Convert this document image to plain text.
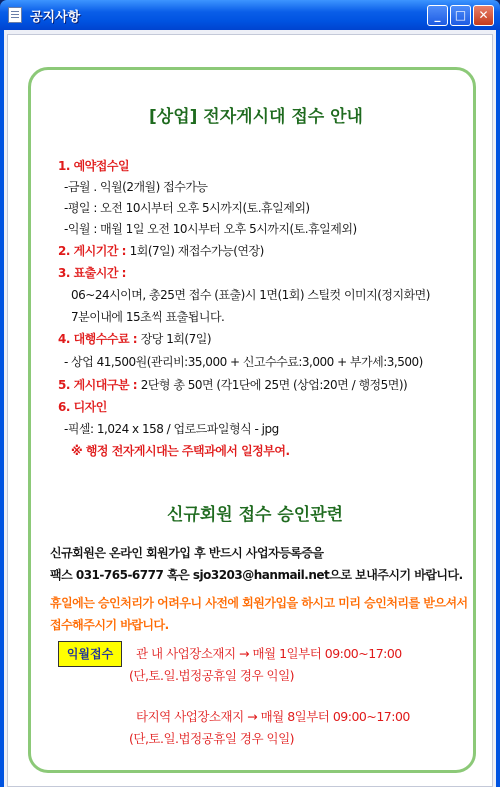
공지사항	_	□	✕
[상업] 전자게시대 접수 안내
1. 예약접수일
-금월 . 익월(2개월) 접수가능
-평일 : 오전 10시부터 오후 5시까지(토.휴일제외)
-익월 : 매월 1일 오전 10시부터 오후 5시까지(토.휴일제외)
2. 게시기간 : 1회(7일) 재접수가능(연장)
3. 표출시간 :
06~24시이며, 총25면 접수 (표출)시 1면(1회) 스틸컷 이미지(정지화면)
7분이내에 15초씩 표출됩니다.
4. 대행수수료 : 장당 1회(7일)
- 상업 41,500원(관리비:35,000 + 신고수수료:3,000 + 부가세:3,500)
5. 게시대구분 : 2단형 총 50면 (각1단에 25면 (상업:20면 / 행정5면))
6. 디자인
-픽셀: 1,024 x 158 / 업로드파일형식 - jpg
※ 행정 전자게시대는 주택과에서 일정부여.
신규회원 접수 승인관련
신규회원은 온라인 회원가입 후 반드시 사업자등록증을
팩스 031-765-6777 혹은 sjo3203@hanmail.net으로 보내주시기 바랍니다.
휴일에는 승인처리가 어려우니 사전에 회원가입을 하시고 미리 승인처리를 받으셔서
접수해주시기 바랍니다.
익월접수	관 내 사업장소재지 → 매월 1일부터 09:00~17:00
(단,토.일.법정공휴일 경우 익일)
타지역 사업장소재지 → 매월 8일부터 09:00~17:00
(단,토.일.법정공휴일 경우 익일)
